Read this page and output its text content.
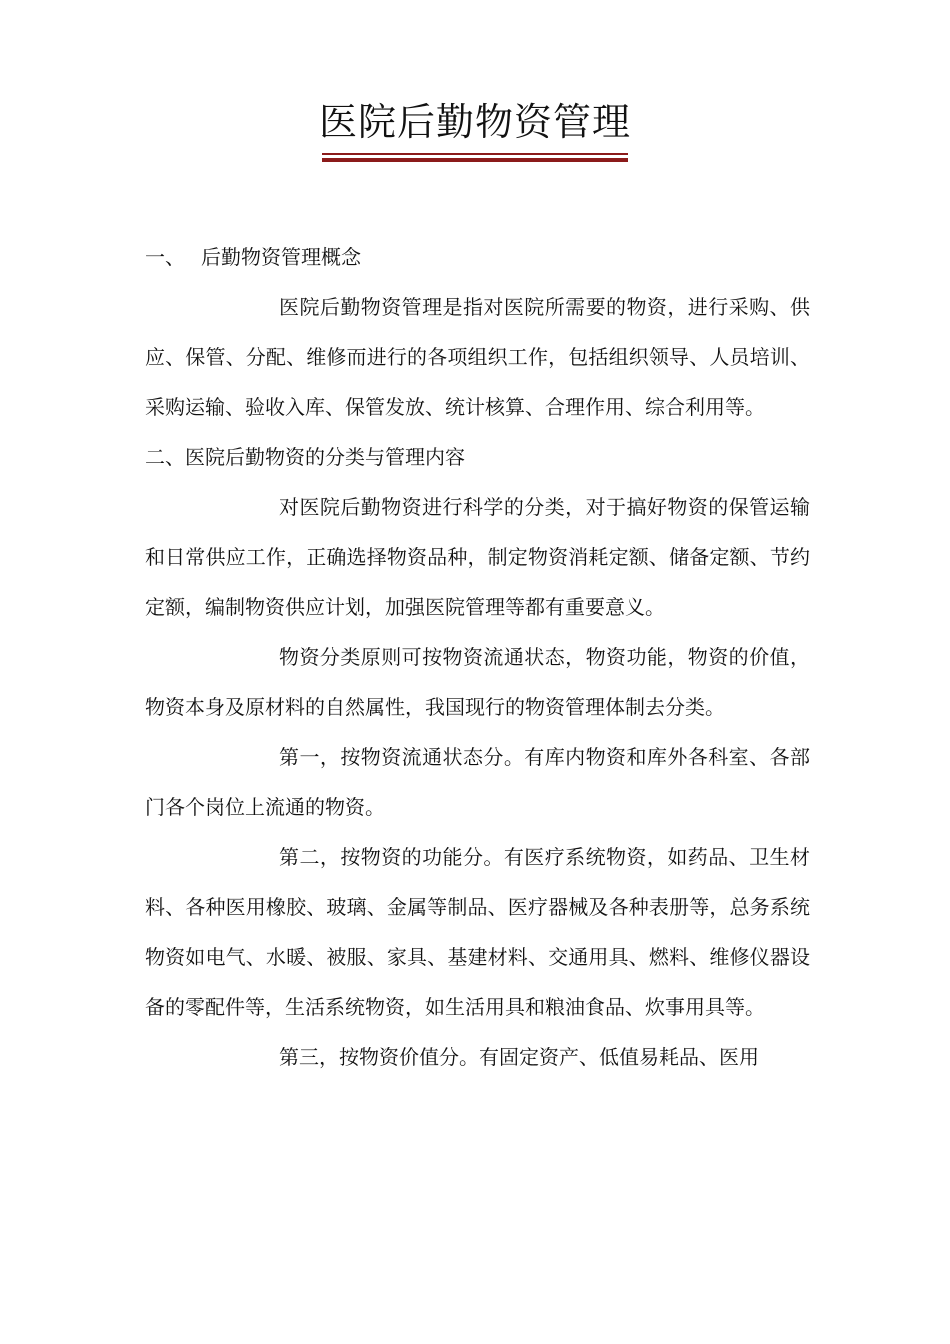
医院后勤物资管理

一、 后勤物资管理概念

医院后勤物资管理是指对医院所需要的物资，进行采购、供应、保管、分配、维修而进行的各项组织工作，包括组织领导、人员培训、采购运输、验收入库、保管发放、统计核算、合理作用、综合利用等。

二、医院后勤物资的分类与管理内容

对医院后勤物资进行科学的分类，对于搞好物资的保管运输和日常供应工作，正确选择物资品种，制定物资消耗定额、储备定额、节约定额，编制物资供应计划，加强医院管理等都有重要意义。

物资分类原则可按物资流通状态，物资功能，物资的价值，物资本身及原材料的自然属性，我国现行的物资管理体制去分类。

第一，按物资流通状态分。有库内物资和库外各科室、各部门各个岗位上流通的物资。

第二，按物资的功能分。有医疗系统物资，如药品、卫生材料、各种医用橡胶、玻璃、金属等制品、医疗器械及各种表册等，总务系统物资如电气、水暖、被服、家具、基建材料、交通用具、燃料、维修仪器设备的零配件等，生活系统物资，如生活用具和粮油食品、炊事用具等。

第三，按物资价值分。有固定资产、低值易耗品、医用
